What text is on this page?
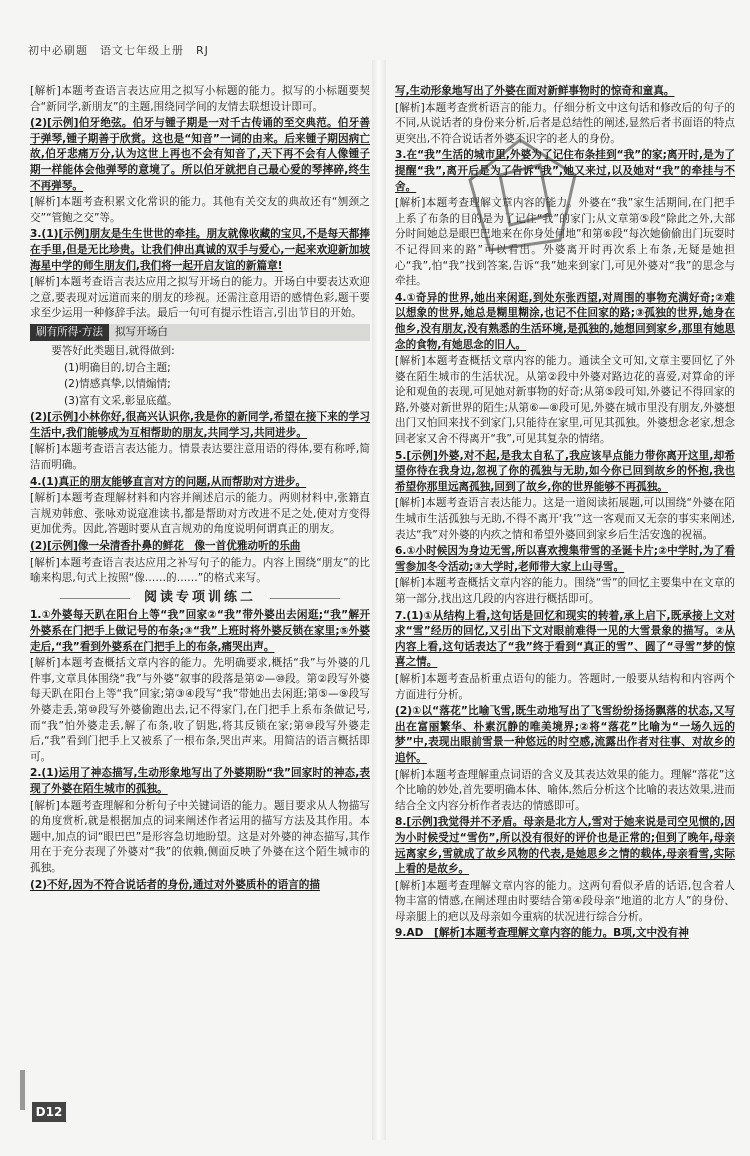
初中必刷题　语文七年级上册　RJ

[解析]本题考查语言表达应用之拟写小标题的能力。拟写的小标题要契合“新同学,新朋友”的主题,围绕同学间的友情去联想设计即可。

(2)[示例]伯牙绝弦。伯牙与锺子期是一对千古传诵的至交典范。伯牙善于弹琴,锺子期善于欣赏。这也是“知音”一词的由来。后来锺子期因病亡故,伯牙悲痛万分,认为这世上再也不会有知音了,天下再不会有人像锺子期一样能体会他弹琴的意境了。所以伯牙就把自己最心爱的琴摔碎,终生不再弹琴。

[解析]本题考查积累文化常识的能力。其他有关交友的典故还有“刎颈之交”“管鲍之交”等。

3.(1)[示例]朋友是生生世世的牵挂。朋友就像收藏的宝贝,不是每天都捧在手里,但是无比珍贵。让我们伸出真诚的双手与爱心,一起来欢迎新加坡海星中学的师生朋友们,我们将一起开启友谊的新篇章!

[解析]本题考查语言表达应用之拟写开场白的能力。开场白中要表达欢迎之意,要表现对远道而来的朋友的珍视。还需注意用语的感情色彩,题干要求至少运用一种修辞手法。最后一句可有提示性语言,引出节目的开始。

刷有所得·方法	拟写开场白

要答好此类题目,就得做到:

(1)明确目的,切合主题;

(2)情感真挚,以情煽情;

(3)富有文采,彰显底蕴。

(2)[示例]小林你好,很高兴认识你,我是你的新同学,希望在接下来的学习生活中,我们能够成为互相帮助的朋友,共同学习,共同进步。

[解析]本题考查语言表达能力。情景表达要注意用语的得体,要有称呼,简洁而明确。

4.(1)真正的朋友能够直言对方的问题,从而帮助对方进步。

[解析]本题考查理解材料和内容并阐述启示的能力。两则材料中,张籍直言规劝韩愈、张咏劝说寇准读书,都是帮助对方改进不足之处,使对方变得更加优秀。因此,答题时要从直言规劝的角度说明何谓真正的朋友。

(2)[示例]像一朵清香扑鼻的鲜花　像一首优雅动听的乐曲

[解析]本题考查语言表达应用之补写句子的能力。内容上围绕“朋友”的比喻来构思,句式上按照“像……的……”的格式来写。

阅读专项训练二

1.①外婆每天趴在阳台上等“我”回家②“我”带外婆出去闲逛;“我”解开外婆系在门把手上做记号的布条;③“我”上班时将外婆反锁在家里;⑤外婆走后,“我”看到外婆系在门把手上的布条,痛哭出声。

[解析]本题考查概括文章内容的能力。先明确要求,概括“我”与外婆的几件事,文章具体围绕“我”与外婆”叙事的段落是第②—⑩段。第②段写外婆每天趴在阳台上等“我”回家;第③④段写“我”带她出去闲逛;第⑤—⑨段写外婆走丢,第⑩段写外婆偷跑出去,记不得家门,在门把手上系布条做记号,而“我”怕外婆走丢,解了布条,收了钥匙,将其反锁在家;第⑩段写外婆走后,“我”看到门把手上又被系了一根布条,哭出声来。用简洁的语言概括即可。

2.(1)运用了神态描写,生动形象地写出了外婆期盼“我”回家时的神态,表现了外婆在陌生城市的孤独。

[解析]本题考查理解和分析句子中关键词语的能力。题目要求从人物描写的角度赏析,就是根据加点的词来阐述作者运用的描写方法及其作用。本题中,加点的词“眼巴巴”是形容急切地盼望。这是对外婆的神态描写,其作用在于充分表现了外婆对“我”的依赖,侧面反映了外婆在这个陌生城市的孤独。

(2)不好,因为不符合说话者的身份,通过对外婆质朴的语言的描

写,生动形象地写出了外婆在面对新鲜事物时的惊奇和童真。

[解析]本题考查赏析语言的能力。仔细分析文中这句话和修改后的句子的不同,从说话者的身份来分析,后者是总结性的阐述,显然后者书面语的特点更突出,不符合说话者外婆不识字的老人的身份。

3.在“我”生活的城市里,外婆为了记住布条挂到“我”的家;离开时,是为了提醒“我”,离开后是为了告诉“我”,她又来过,以及她对“我”的牵挂与不舍。

[解析]本题考查理解文章内容的能力。外婆在“我”家生活期间,在门把手上系了布条的目的是为了记住“我”的家门;从文章第⑤段“除此之外,大部分时间她总是眼巴巴地来在你身处何地”和第⑥段“每次她偷偷出门玩耍时不记得回来的路”可以看出。外婆离开时再次系上布条,无疑是她担心“我”,怕“我”找到答案,告诉“我”她来到家门,可见外婆对“我”的思念与牵挂。

4.①奇异的世界,她出来闲逛,到处东张西望,对周围的事物充满好奇;②难以想象的世界,她总是糊里糊涂,也记不住回家的路;③孤独的世界,她身在他乡,没有朋友,没有熟悉的生活环境,是孤独的,她想回到家乡,那里有她思念的食物,有她思念的旧人。

[解析]本题考查概括文章内容的能力。通读全文可知,文章主要回忆了外婆在陌生城市的生活状况。从第②段中外婆对路边花的喜爱,对算命的评论和观鱼的表现,可见她对新事物的好奇;从第⑤段可知,外婆记不得回家的路,外婆对新世界的陌生;从第⑥—⑧段可见,外婆在城市里没有朋友,外婆想出门又怕回来找不到家门,只能待在家里,可见其孤独。外婆想念老家,想念回老家又舍不得离开“我”,可见其复杂的情绪。

5.[示例]外婆,对不起,是我太自私了,我应该早点能力带你离开这里,却希望你待在我身边,忽视了你的孤独与无助,如今你已回到故乡的怀抱,我也希望你那里远离孤独,回到了故乡,你的世界能够不再孤独。

[解析]本题考查语言表达能力。这是一道阅读拓展题,可以围绕“外婆在陌生城市生活孤独与无助,不得不离开‘我’”这一客观而又无奈的事实来阐述,表达“我”对外婆的内疚之情和希望外婆回到家乡后生活安逸的祝福。

6.①小时候因为身边无雪,所以喜欢搜集带雪的圣诞卡片;②中学时,为了看雪参加冬令活动;③大学时,老师带大家上山寻雪。

[解析]本题考查概括文章内容的能力。围绕“雪”的回忆主要集中在文章的第一部分,找出这几段的内容进行概括即可。

7.(1)①从结构上看,这句话是回忆和现实的转着,承上启下,既承接上文对求“雪”经历的回忆,又引出下文对眼前难得一见的大雪景象的描写。②从内容上看,这句话表达了“我”终于看到“真正的雪”、圆了“寻雪”梦的惊喜之情。

[解析]本题考查品析重点语句的能力。答题时,一般要从结构和内容两个方面进行分析。

(2)①以“落花”比喻飞雪,既生动地写出了飞雪纷纷扬扬飘落的状态,又写出在富丽繁华、朴素沉静的唯美境界;②将“落花”比喻为“一场久远的梦”中,表现出眼前雪景一种悠远的时空感,流露出作者对往事、对故乡的追怀。

[解析]本题考查理解重点词语的含义及其表达效果的能力。理解“落花”这个比喻的妙处,首先要明确本体、喻体,然后分析这个比喻的表达效果,进而结合全文内容分析作者表达的情感即可。

8.[示例]我觉得并不矛盾。母亲是北方人,雪对于她来说是司空见惯的,因为小时候受过“雪伤”,所以没有很好的评价也是正常的;但到了晚年,母亲远离家乡,雪就成了故乡风物的代表,是她思乡之情的载体,母亲看雪,实际上看的是故乡。

[解析]本题考查理解文章内容的能力。这两句看似矛盾的话语,包含着人物丰富的情感,在阐述理由时要结合第④段母亲“地道的北方人”的身份、母亲腿上的疤以及母亲如今重病的状况进行综合分析。

9.AD　[解析]本题考查理解文章内容的能力。B项,文中没有神

D12
